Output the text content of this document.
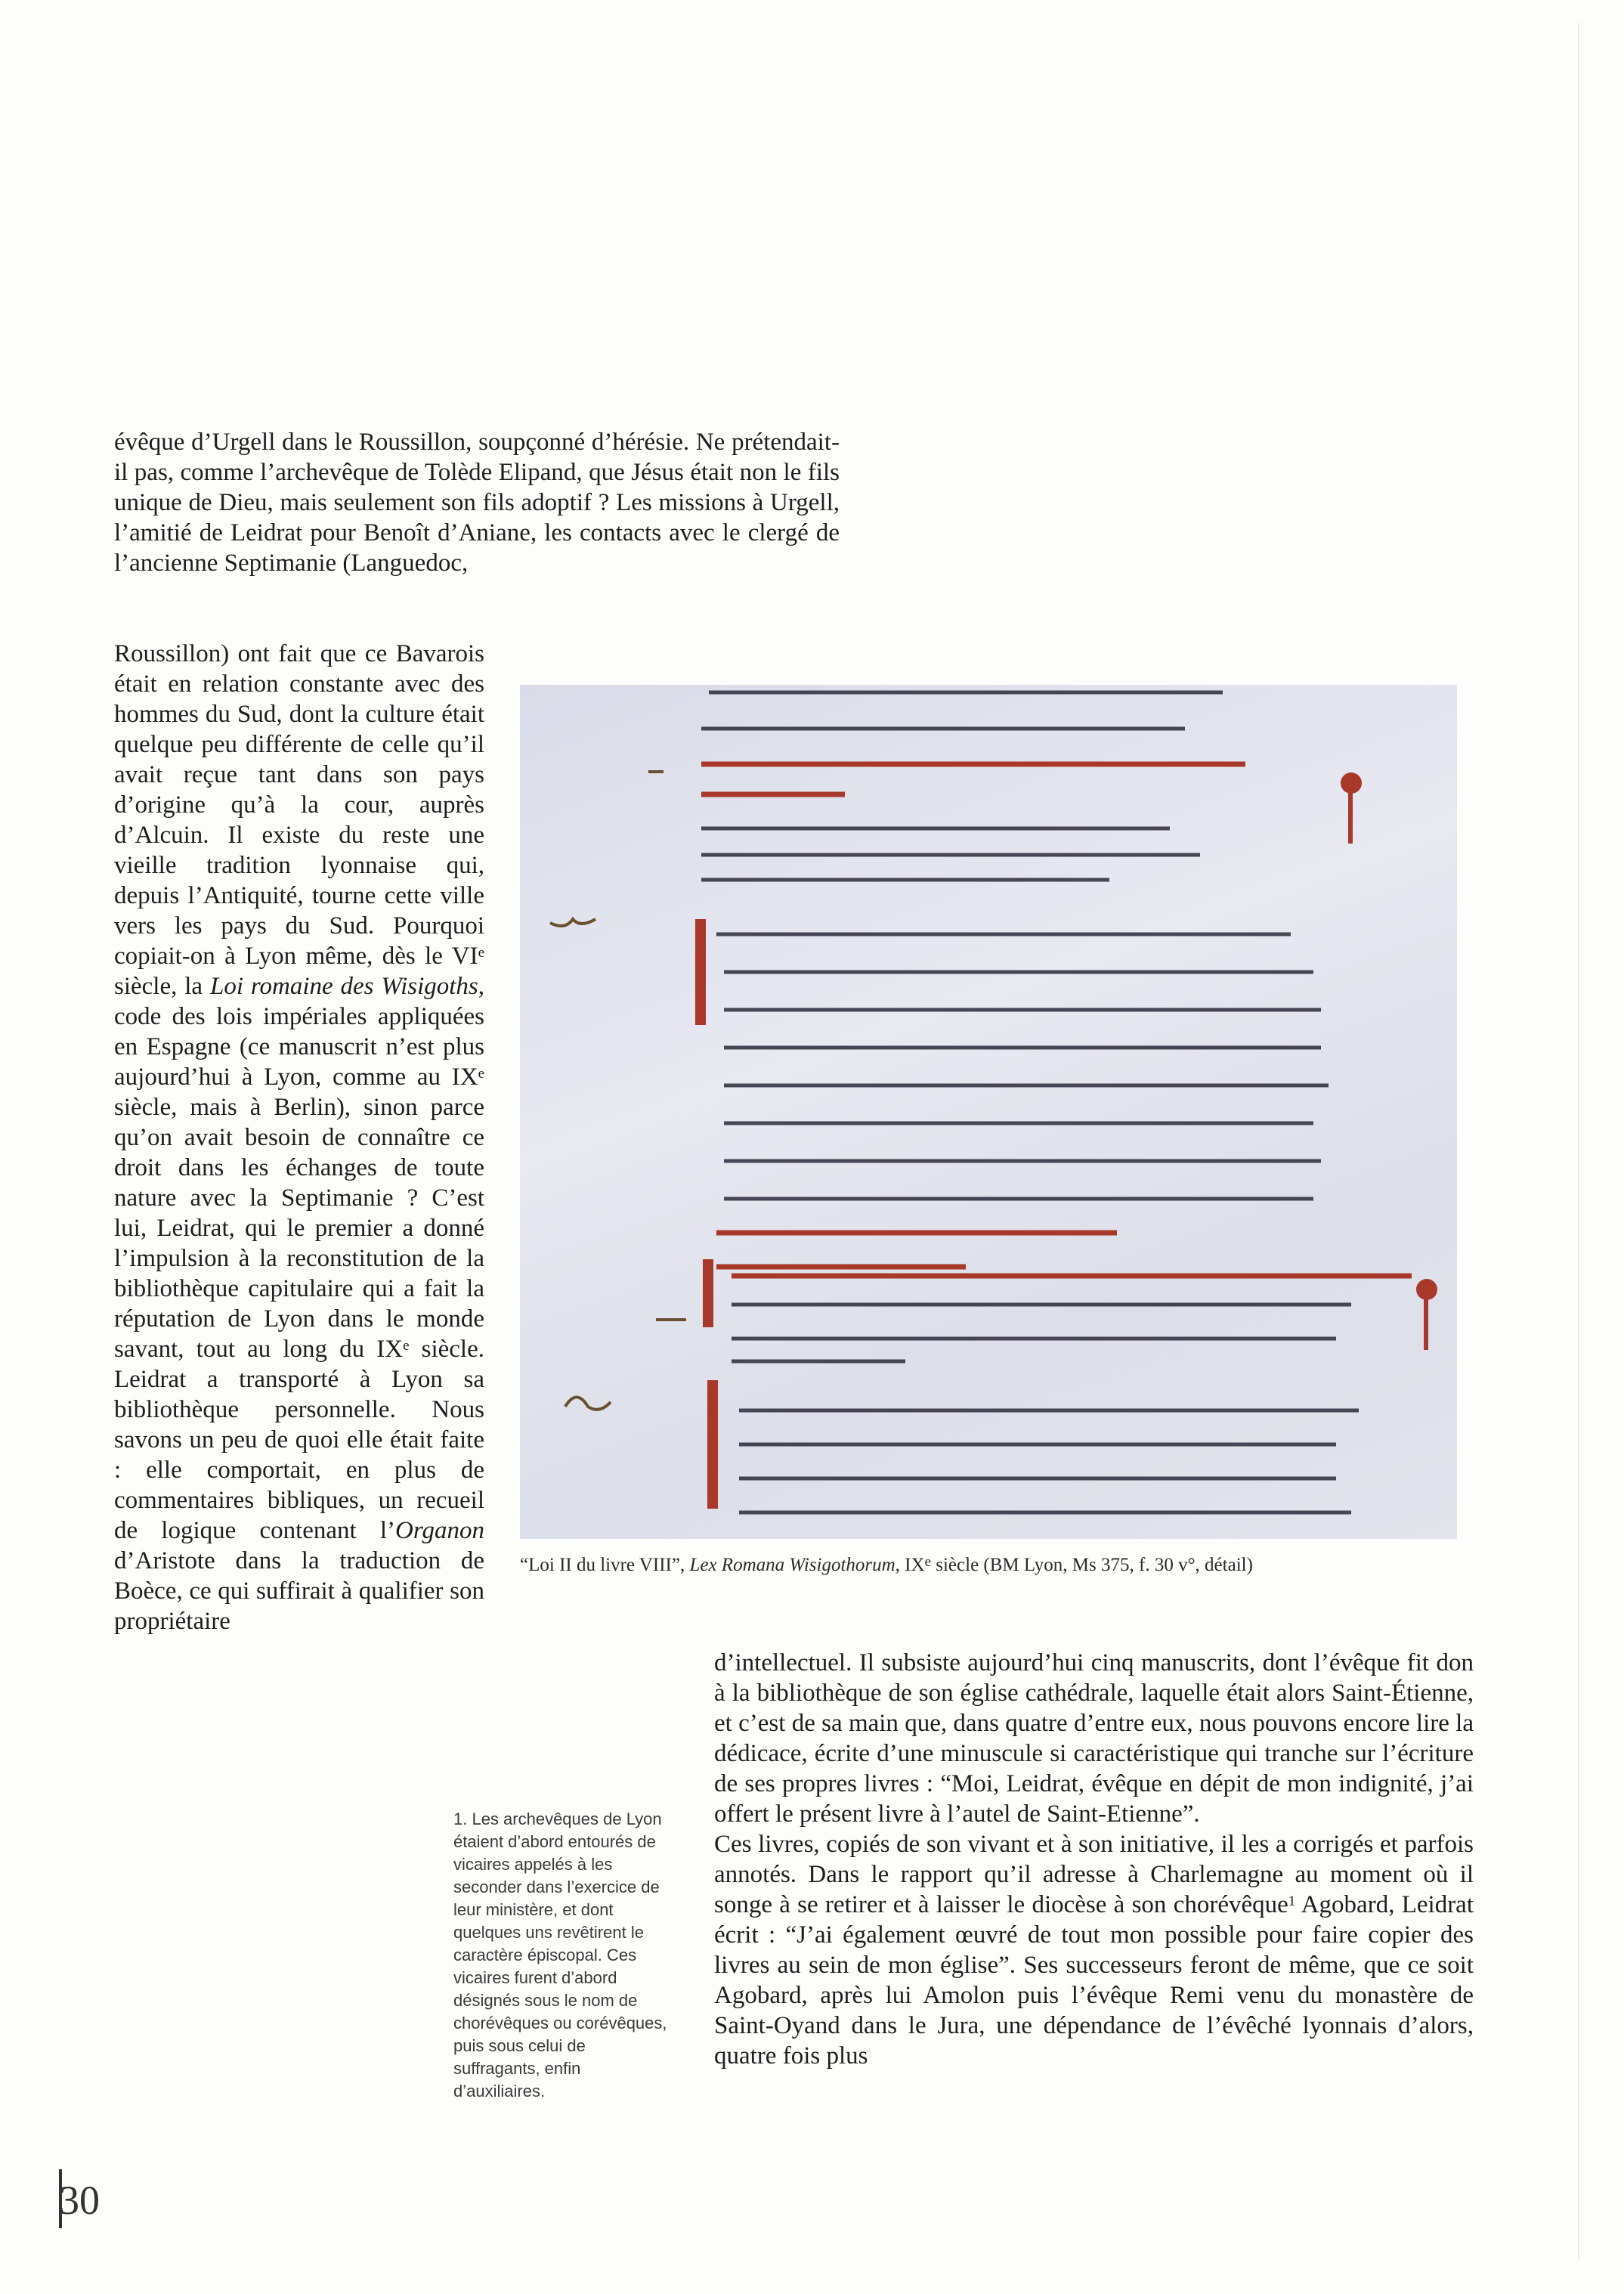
évêque d’Urgell dans le Roussillon, soupçonné d’hérésie. Ne prétendait-il pas, comme l’archevêque de Tolède Elipand, que Jésus était non le fils unique de Dieu, mais seulement son fils adoptif ? Les missions à Urgell, l’amitié de Leidrat pour Benoît d’Aniane, les contacts avec le clergé de l’ancienne Septimanie (Languedoc,

Roussillon) ont fait que ce Bavarois était en relation constante avec des hommes du Sud, dont la culture était quelque peu différente de celle qu’il avait reçue tant dans son pays d’origine qu’à la cour, auprès d’Alcuin. Il existe du reste une vieille tradition lyonnaise qui, depuis l’Antiquité, tourne cette ville vers les pays du Sud. Pourquoi copiait-on à Lyon même, dès le VIe siècle, la Loi romaine des Wisigoths, code des lois impériales appliquées en Espagne (ce manuscrit n’est plus aujourd’hui à Lyon, comme au IXe siècle, mais à Berlin), sinon parce qu’on avait besoin de connaître ce droit dans les échanges de toute nature avec la Septimanie ? C’est lui, Leidrat, qui le premier a donné l’impulsion à la reconstitution de la bibliothèque capitulaire qui a fait la réputation de Lyon dans le monde savant, tout au long du IXe siècle. Leidrat a transporté à Lyon sa bibliothèque personnelle. Nous savons un peu de quoi elle était faite : elle comportait, en plus de commentaires bibliques, un recueil de logique contenant l’Organon d’Aristote dans la traduction de Boèce, ce qui suffirait à qualifier son propriétaire

“Loi II du livre VIII”, Lex Romana Wisigothorum, IXe siècle (BM Lyon, Ms 375, f. 30 v°, détail)

d’intellectuel. Il subsiste aujourd’hui cinq manuscrits, dont l’évêque fit don à la bibliothèque de son église cathédrale, laquelle était alors Saint-Étienne, et c’est de sa main que, dans quatre d’entre eux, nous pouvons encore lire la dédicace, écrite d’une minuscule si caractéristique qui tranche sur l’écriture de ses propres livres : “Moi, Leidrat, évêque en dépit de mon indignité, j’ai offert le présent livre à l’autel de Saint-Etienne”.

Ces livres, copiés de son vivant et à son initiative, il les a corrigés et parfois annotés. Dans le rapport qu’il adresse à Charlemagne au moment où il songe à se retirer et à laisser le diocèse à son chorévêque$^1$ Agobard, Leidrat écrit : “J’ai également œuvré de tout mon possible pour faire copier des livres au sein de mon église”. Ses successeurs feront de même, que ce soit Agobard, après lui Amolon puis l’évêque Remi venu du monastère de Saint-Oyand dans le Jura, une dépendance de l’évêché lyonnais d’alors, quatre fois plus

1. Les archevêques de Lyon étaient d’abord entourés de vicaires appelés à les seconder dans l’exercice de leur ministère, et dont quelques uns revêtirent le caractère épiscopal. Ces vicaires furent d’abord désignés sous le nom de chorévêques ou corévêques, puis sous celui de suffragants, enfin d’auxiliaires.
30
